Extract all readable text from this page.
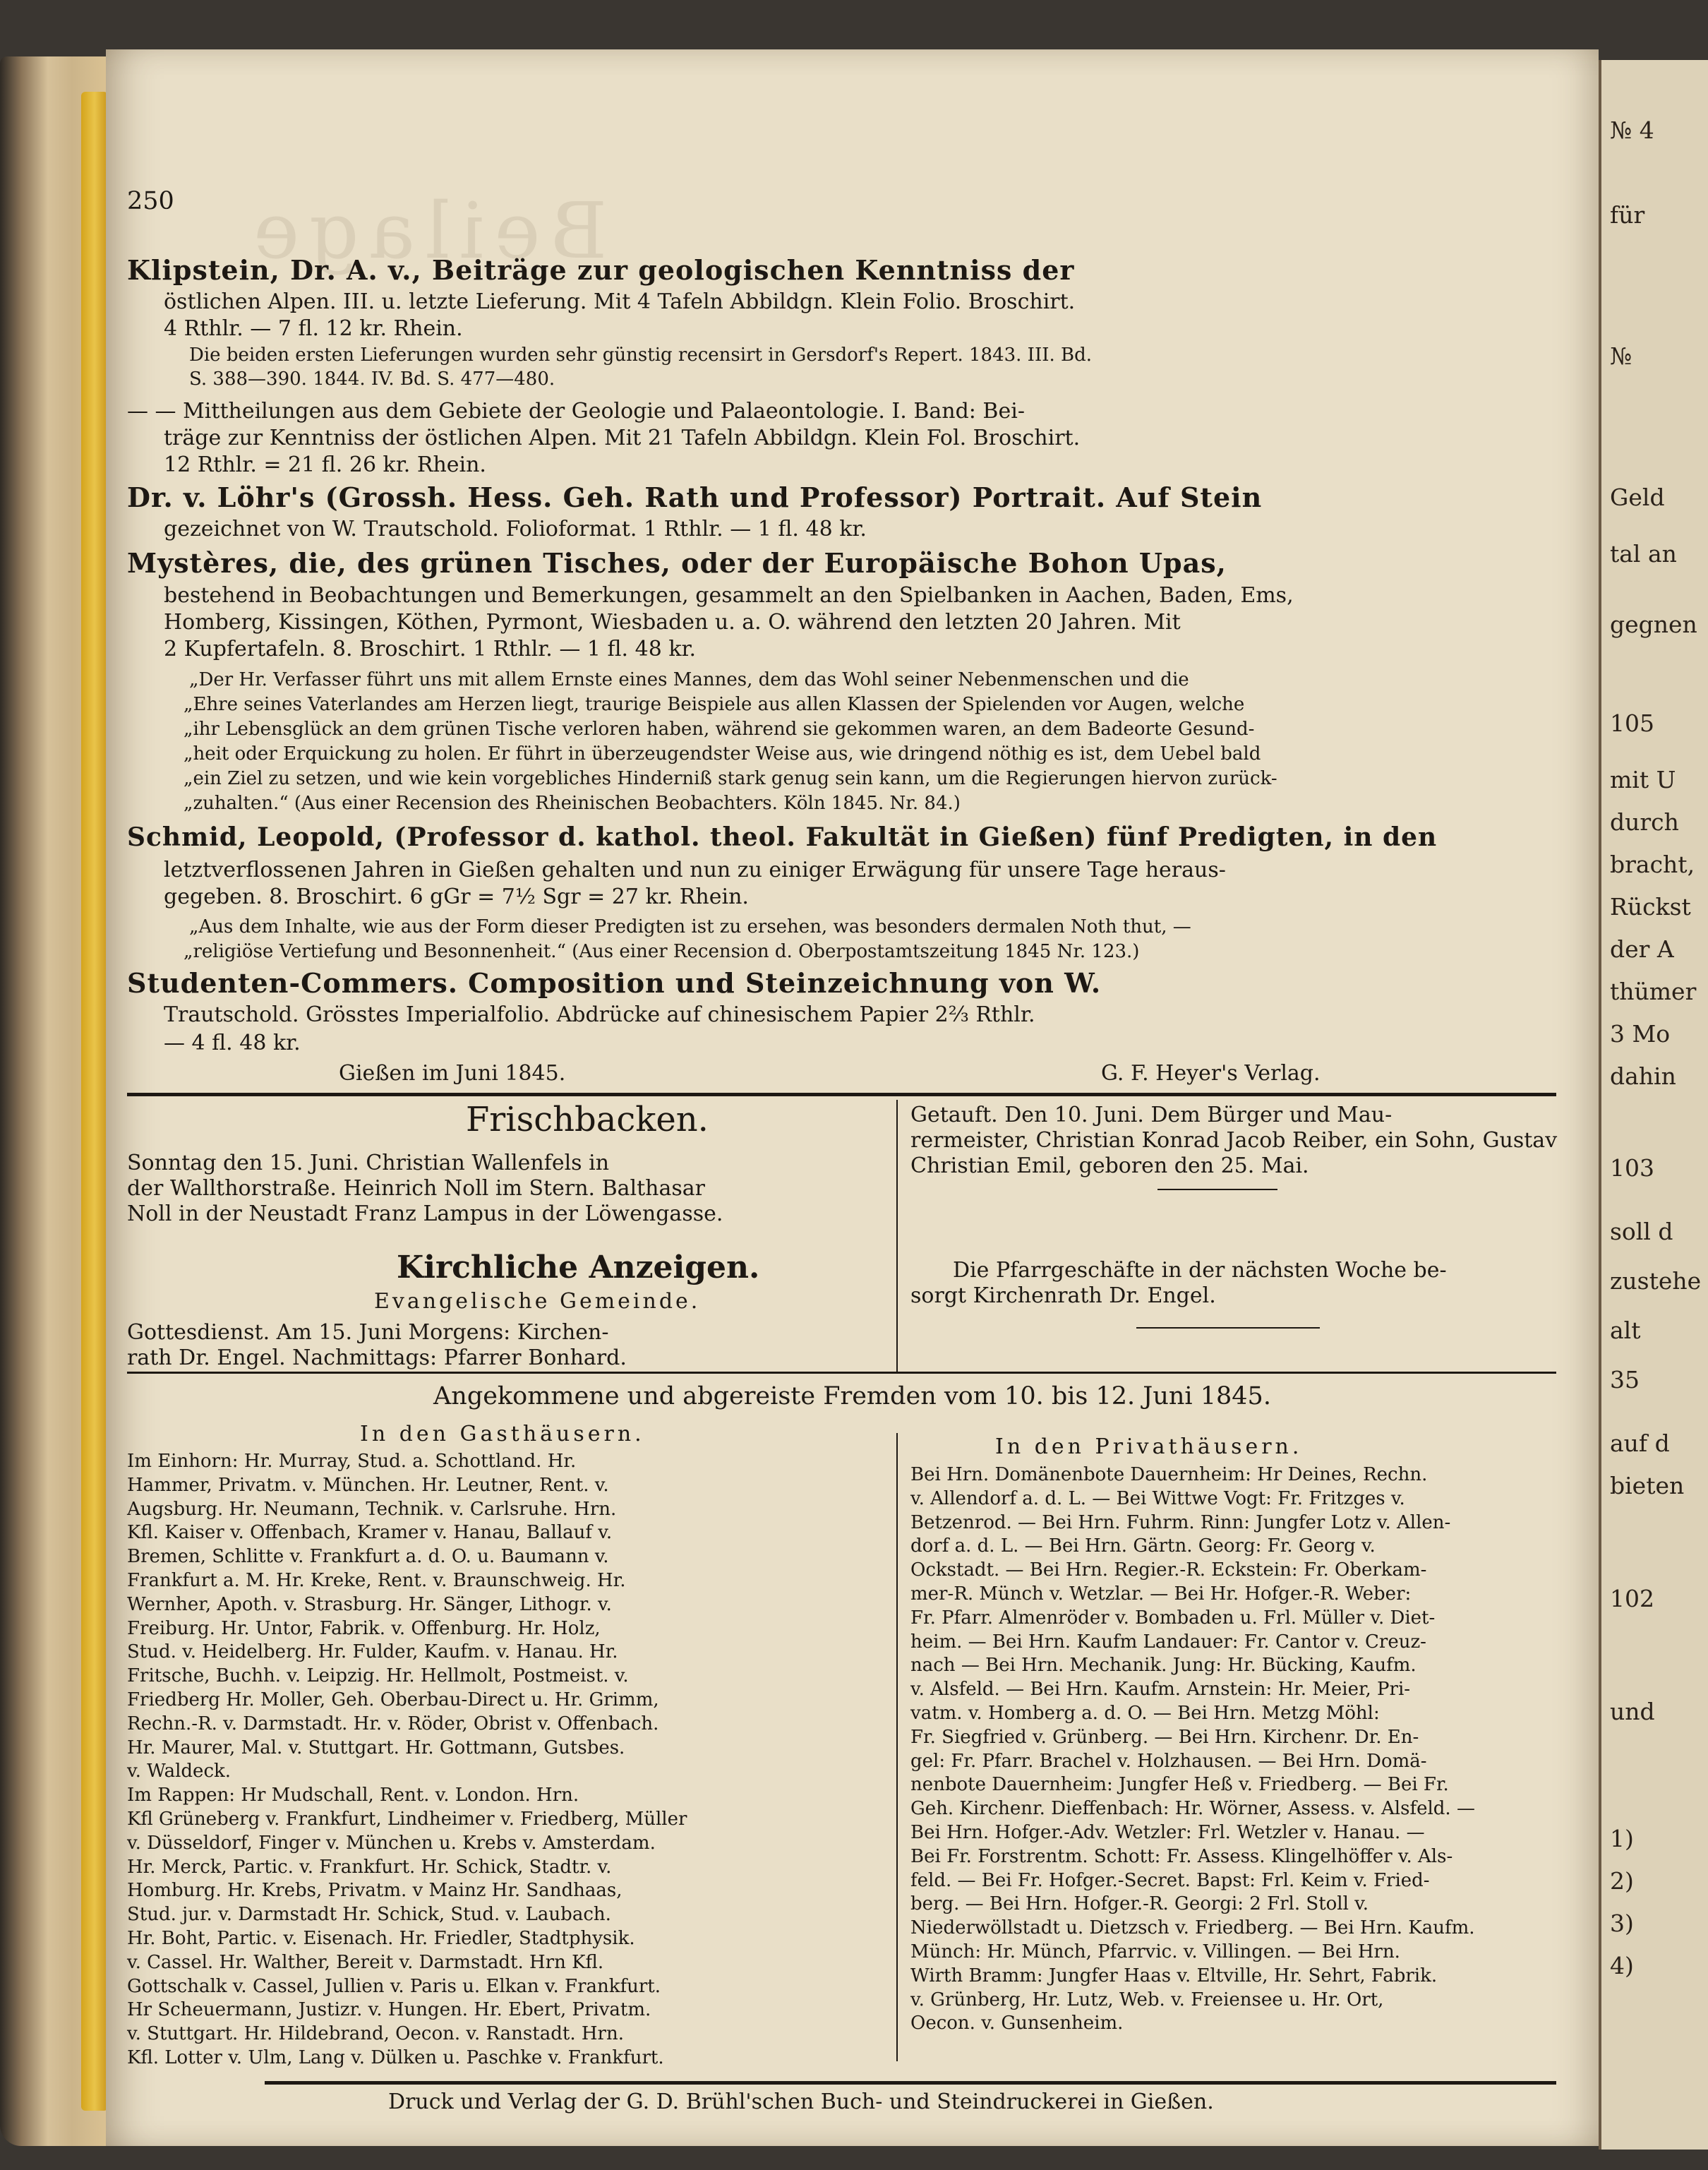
Beilage
250
Klipstein, Dr. A. v., Beiträge zur geologischen Kenntniss der
östlichen Alpen. III. u. letzte Lieferung. Mit 4 Tafeln Abbildgn. Klein Folio. Broschirt.
4 Rthlr. — 7 fl. 12 kr. Rhein.
Die beiden ersten Lieferungen wurden sehr günstig recensirt in Gersdorf's Repert. 1843. III. Bd.
S. 388—390. 1844. IV. Bd. S. 477—480.
— — Mittheilungen aus dem Gebiete der Geologie und Palaeontologie. I. Band: Bei-
träge zur Kenntniss der östlichen Alpen. Mit 21 Tafeln Abbildgn. Klein Fol. Broschirt.
12 Rthlr. = 21 fl. 26 kr. Rhein.
Dr. v. Löhr's (Grossh. Hess. Geh. Rath und Professor) Portrait. Auf Stein
gezeichnet von W. Trautschold. Folioformat. 1 Rthlr. — 1 fl. 48 kr.
Mystères, die, des grünen Tisches, oder der Europäische Bohon Upas,
bestehend in Beobachtungen und Bemerkungen, gesammelt an den Spielbanken in Aachen, Baden, Ems,
Homberg, Kissingen, Köthen, Pyrmont, Wiesbaden u. a. O. während den letzten 20 Jahren. Mit
2 Kupfertafeln. 8. Broschirt. 1 Rthlr. — 1 fl. 48 kr.
„Der Hr. Verfasser führt uns mit allem Ernste eines Mannes, dem das Wohl seiner Nebenmenschen und die
„Ehre seines Vaterlandes am Herzen liegt, traurige Beispiele aus allen Klassen der Spielenden vor Augen, welche
„ihr Lebensglück an dem grünen Tische verloren haben, während sie gekommen waren, an dem Badeorte Gesund-
„heit oder Erquickung zu holen. Er führt in überzeugendster Weise aus, wie dringend nöthig es ist, dem Uebel bald
„ein Ziel zu setzen, und wie kein vorgebliches Hinderniß stark genug sein kann, um die Regierungen hiervon zurück-
„zuhalten.“ (Aus einer Recension des Rheinischen Beobachters. Köln 1845. Nr. 84.)
Schmid, Leopold, (Professor d. kathol. theol. Fakultät in Gießen) fünf Predigten, in den
letztverflossenen Jahren in Gießen gehalten und nun zu einiger Erwägung für unsere Tage heraus-
gegeben. 8. Broschirt. 6 gGr = 7½ Sgr = 27 kr. Rhein.
„Aus dem Inhalte, wie aus der Form dieser Predigten ist zu ersehen, was besonders dermalen Noth thut, —
„religiöse Vertiefung und Besonnenheit.“ (Aus einer Recension d. Oberpostamtszeitung 1845 Nr. 123.)
Studenten-Commers. Composition und Steinzeichnung von W.
Trautschold. Grösstes Imperialfolio. Abdrücke auf chinesischem Papier 2⅔ Rthlr.
— 4 fl. 48 kr.
Gießen im Juni 1845.	G. F. Heyer's Verlag.
Frischbacken.
Sonntag den 15. Juni. Christian Wallenfels in
der Wallthorstraße. Heinrich Noll im Stern. Balthasar
Noll in der Neustadt Franz Lampus in der Löwengasse.
Kirchliche Anzeigen.
Evangelische Gemeinde.
Gottesdienst. Am 15. Juni Morgens: Kirchen-
rath Dr. Engel. Nachmittags: Pfarrer Bonhard.
Getauft. Den 10. Juni. Dem Bürger und Mau-
rermeister, Christian Konrad Jacob Reiber, ein Sohn, Gustav
Christian Emil, geboren den 25. Mai.
Die Pfarrgeschäfte in der nächsten Woche be-
sorgt Kirchenrath Dr. Engel.
Angekommene und abgereiste Fremden vom 10. bis 12. Juni 1845.
In den Gasthäusern.
In den Privathäusern.
Im Einhorn: Hr. Murray, Stud. a. Schottland. Hr.
Hammer, Privatm. v. München. Hr. Leutner, Rent. v.
Augsburg. Hr. Neumann, Technik. v. Carlsruhe. Hrn.
Kfl. Kaiser v. Offenbach, Kramer v. Hanau, Ballauf v.
Bremen, Schlitte v. Frankfurt a. d. O. u. Baumann v.
Frankfurt a. M. Hr. Kreke, Rent. v. Braunschweig. Hr.
Wernher, Apoth. v. Strasburg. Hr. Sänger, Lithogr. v.
Freiburg. Hr. Untor, Fabrik. v. Offenburg. Hr. Holz,
Stud. v. Heidelberg. Hr. Fulder, Kaufm. v. Hanau. Hr.
Fritsche, Buchh. v. Leipzig. Hr. Hellmolt, Postmeist. v.
Friedberg Hr. Moller, Geh. Oberbau-Direct u. Hr. Grimm,
Rechn.-R. v. Darmstadt. Hr. v. Röder, Obrist v. Offenbach.
Hr. Maurer, Mal. v. Stuttgart. Hr. Gottmann, Gutsbes.
v. Waldeck.
Im Rappen: Hr Mudschall, Rent. v. London. Hrn.
Kfl Grüneberg v. Frankfurt, Lindheimer v. Friedberg, Müller
v. Düsseldorf, Finger v. München u. Krebs v. Amsterdam.
Hr. Merck, Partic. v. Frankfurt. Hr. Schick, Stadtr. v.
Homburg. Hr. Krebs, Privatm. v Mainz Hr. Sandhaas,
Stud. jur. v. Darmstadt Hr. Schick, Stud. v. Laubach.
Hr. Boht, Partic. v. Eisenach. Hr. Friedler, Stadtphysik.
v. Cassel. Hr. Walther, Bereit v. Darmstadt. Hrn Kfl.
Gottschalk v. Cassel, Jullien v. Paris u. Elkan v. Frankfurt.
Hr Scheuermann, Justizr. v. Hungen. Hr. Ebert, Privatm.
v. Stuttgart. Hr. Hildebrand, Oecon. v. Ranstadt. Hrn.
Kfl. Lotter v. Ulm, Lang v. Dülken u. Paschke v. Frankfurt.
Bei Hrn. Domänenbote Dauernheim: Hr Deines, Rechn.
v. Allendorf a. d. L. — Bei Wittwe Vogt: Fr. Fritzges v.
Betzenrod. — Bei Hrn. Fuhrm. Rinn: Jungfer Lotz v. Allen-
dorf a. d. L. — Bei Hrn. Gärtn. Georg: Fr. Georg v.
Ockstadt. — Bei Hrn. Regier.-R. Eckstein: Fr. Oberkam-
mer-R. Münch v. Wetzlar. — Bei Hr. Hofger.-R. Weber:
Fr. Pfarr. Almenröder v. Bombaden u. Frl. Müller v. Diet-
heim. — Bei Hrn. Kaufm Landauer: Fr. Cantor v. Creuz-
nach — Bei Hrn. Mechanik. Jung: Hr. Bücking, Kaufm.
v. Alsfeld. — Bei Hrn. Kaufm. Arnstein: Hr. Meier, Pri-
vatm. v. Homberg a. d. O. — Bei Hrn. Metzg Möhl:
Fr. Siegfried v. Grünberg. — Bei Hrn. Kirchenr. Dr. En-
gel: Fr. Pfarr. Brachel v. Holzhausen. — Bei Hrn. Domä-
nenbote Dauernheim: Jungfer Heß v. Friedberg. — Bei Fr.
Geh. Kirchenr. Dieffenbach: Hr. Wörner, Assess. v. Alsfeld. —
Bei Hrn. Hofger.-Adv. Wetzler: Frl. Wetzler v. Hanau. —
Bei Fr. Forstrentm. Schott: Fr. Assess. Klingelhöffer v. Als-
feld. — Bei Fr. Hofger.-Secret. Bapst: Frl. Keim v. Fried-
berg. — Bei Hrn. Hofger.-R. Georgi: 2 Frl. Stoll v.
Niederwöllstadt u. Dietzsch v. Friedberg. — Bei Hrn. Kaufm.
Münch: Hr. Münch, Pfarrvic. v. Villingen. — Bei Hrn.
Wirth Bramm: Jungfer Haas v. Eltville, Hr. Sehrt, Fabrik.
v. Grünberg, Hr. Lutz, Web. v. Freiensee u. Hr. Ort,
Oecon. v. Gunsenheim.
Druck und Verlag der G. D. Brühl'schen Buch- und Steindruckerei in Gießen.
№ 4
für
№
Geld
tal an
gegnen
105
mit U
durch
bracht,
Rückst
der A
thümer
3 Mo
dahin
103
soll d
zustehe
alt
35
auf d
bieten
102
und
1)
2)
3)
4)
